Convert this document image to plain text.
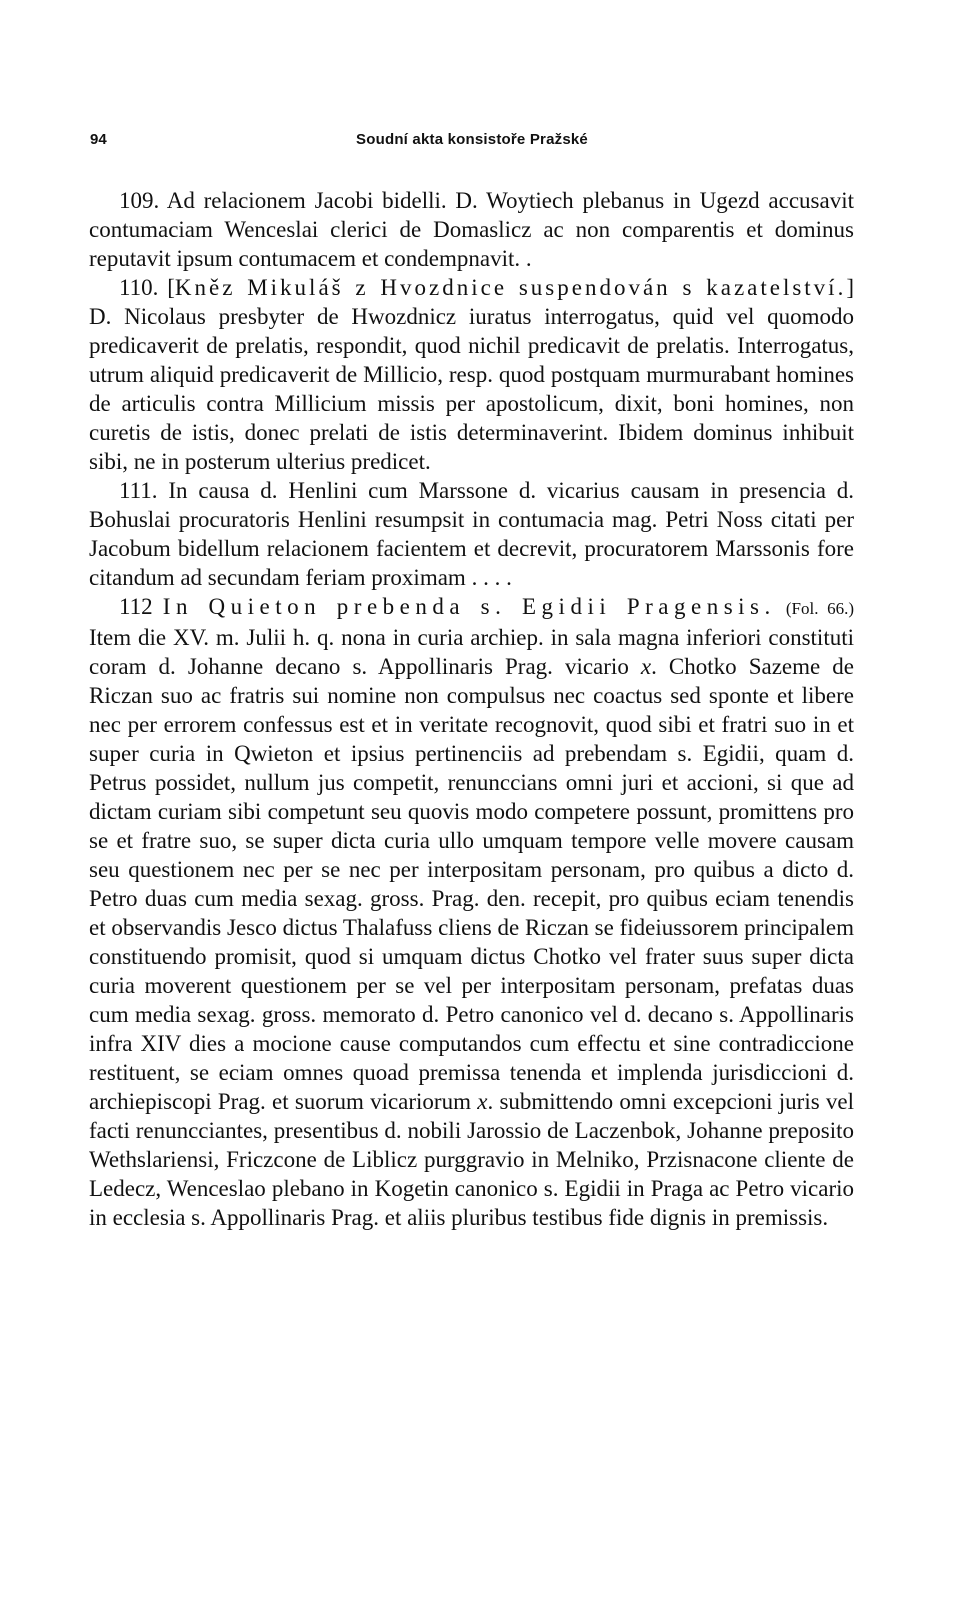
94	Soudní akta konsistoře Pražské

109. Ad relacionem Jacobi bidelli. D. Woytiech plebanus in Ugezd accusavit contumaciam Wenceslai clerici de Domaslicz ac non comparentis et dominus reputavit ipsum contumacem et condempnavit. .

110. [Kněz Mikuláš z Hvozdnice suspendován s kazatelství.] D. Nicolaus presbyter de Hwozdnicz iuratus interrogatus, quid vel quomodo predicaverit de prelatis, respondit, quod nichil predicavit de prelatis. Interrogatus, utrum aliquid predicaverit de Millicio, resp. quod postquam murmurabant homines de articulis contra Millicium missis per apostolicum, dixit, boni homines, non curetis de istis, donec prelati de istis determinaverint. Ibidem dominus inhibuit sibi, ne in posterum ulterius predicet.

111. In causa d. Henlini cum Marssone d. vicarius causam in presencia d. Bohuslai procuratoris Henlini resumpsit in contumacia mag. Petri Noss citati per Jacobum bidellum relacionem facientem et decrevit, procuratorem Marssonis fore citandum ad secundam feriam proximam . . . .

112 In Quieton prebenda s. Egidii Pragensis. (Fol. 66.) Item die XV. m. Julii h. q. nona in curia archiep. in sala magna inferiori constituti coram d. Johanne decano s. Appollinaris Prag. vicario x. Chotko Sazeme de Riczan suo ac fratris sui nomine non compulsus nec coactus sed sponte et libere nec per errorem confessus est et in veritate recognovit, quod sibi et fratri suo in et super curia in Qwieton et ipsius pertinenciis ad prebendam s. Egidii, quam d. Petrus possidet, nullum jus competit, renunccians omni juri et accioni, si que ad dictam curiam sibi competunt seu quovis modo competere possunt, promittens pro se et fratre suo, se super dicta curia ullo umquam tempore velle movere causam seu questionem nec per se nec per interpositam personam, pro quibus a dicto d. Petro duas cum media sexag. gross. Prag. den. recepit, pro quibus eciam tenendis et observandis Jesco dictus Thalafuss cliens de Riczan se fideiussorem principalem constituendo promisit, quod si umquam dictus Chotko vel frater suus super dicta curia moverent questionem per se vel per interpositam personam, prefatas duas cum media sexag. gross. memorato d. Petro canonico vel d. decano s. Appollinaris infra XIV dies a mocione cause computandos cum effectu et sine contradiccione restituent, se eciam omnes quoad premissa tenenda et implenda jurisdiccioni d. archiepiscopi Prag. et suorum vicariorum x. submittendo omni excepcioni juris vel facti renuncciantes, presentibus d. nobili Jarossio de Laczenbok, Johanne preposito Wethslariensi, Friczcone de Liblicz purggravio in Melniko, Przisnacone cliente de Ledecz, Wenceslao plebano in Kogetin canonico s. Egidii in Praga ac Petro vicario in ecclesia s. Appollinaris Prag. et aliis pluribus testibus fide dignis in premissis.
